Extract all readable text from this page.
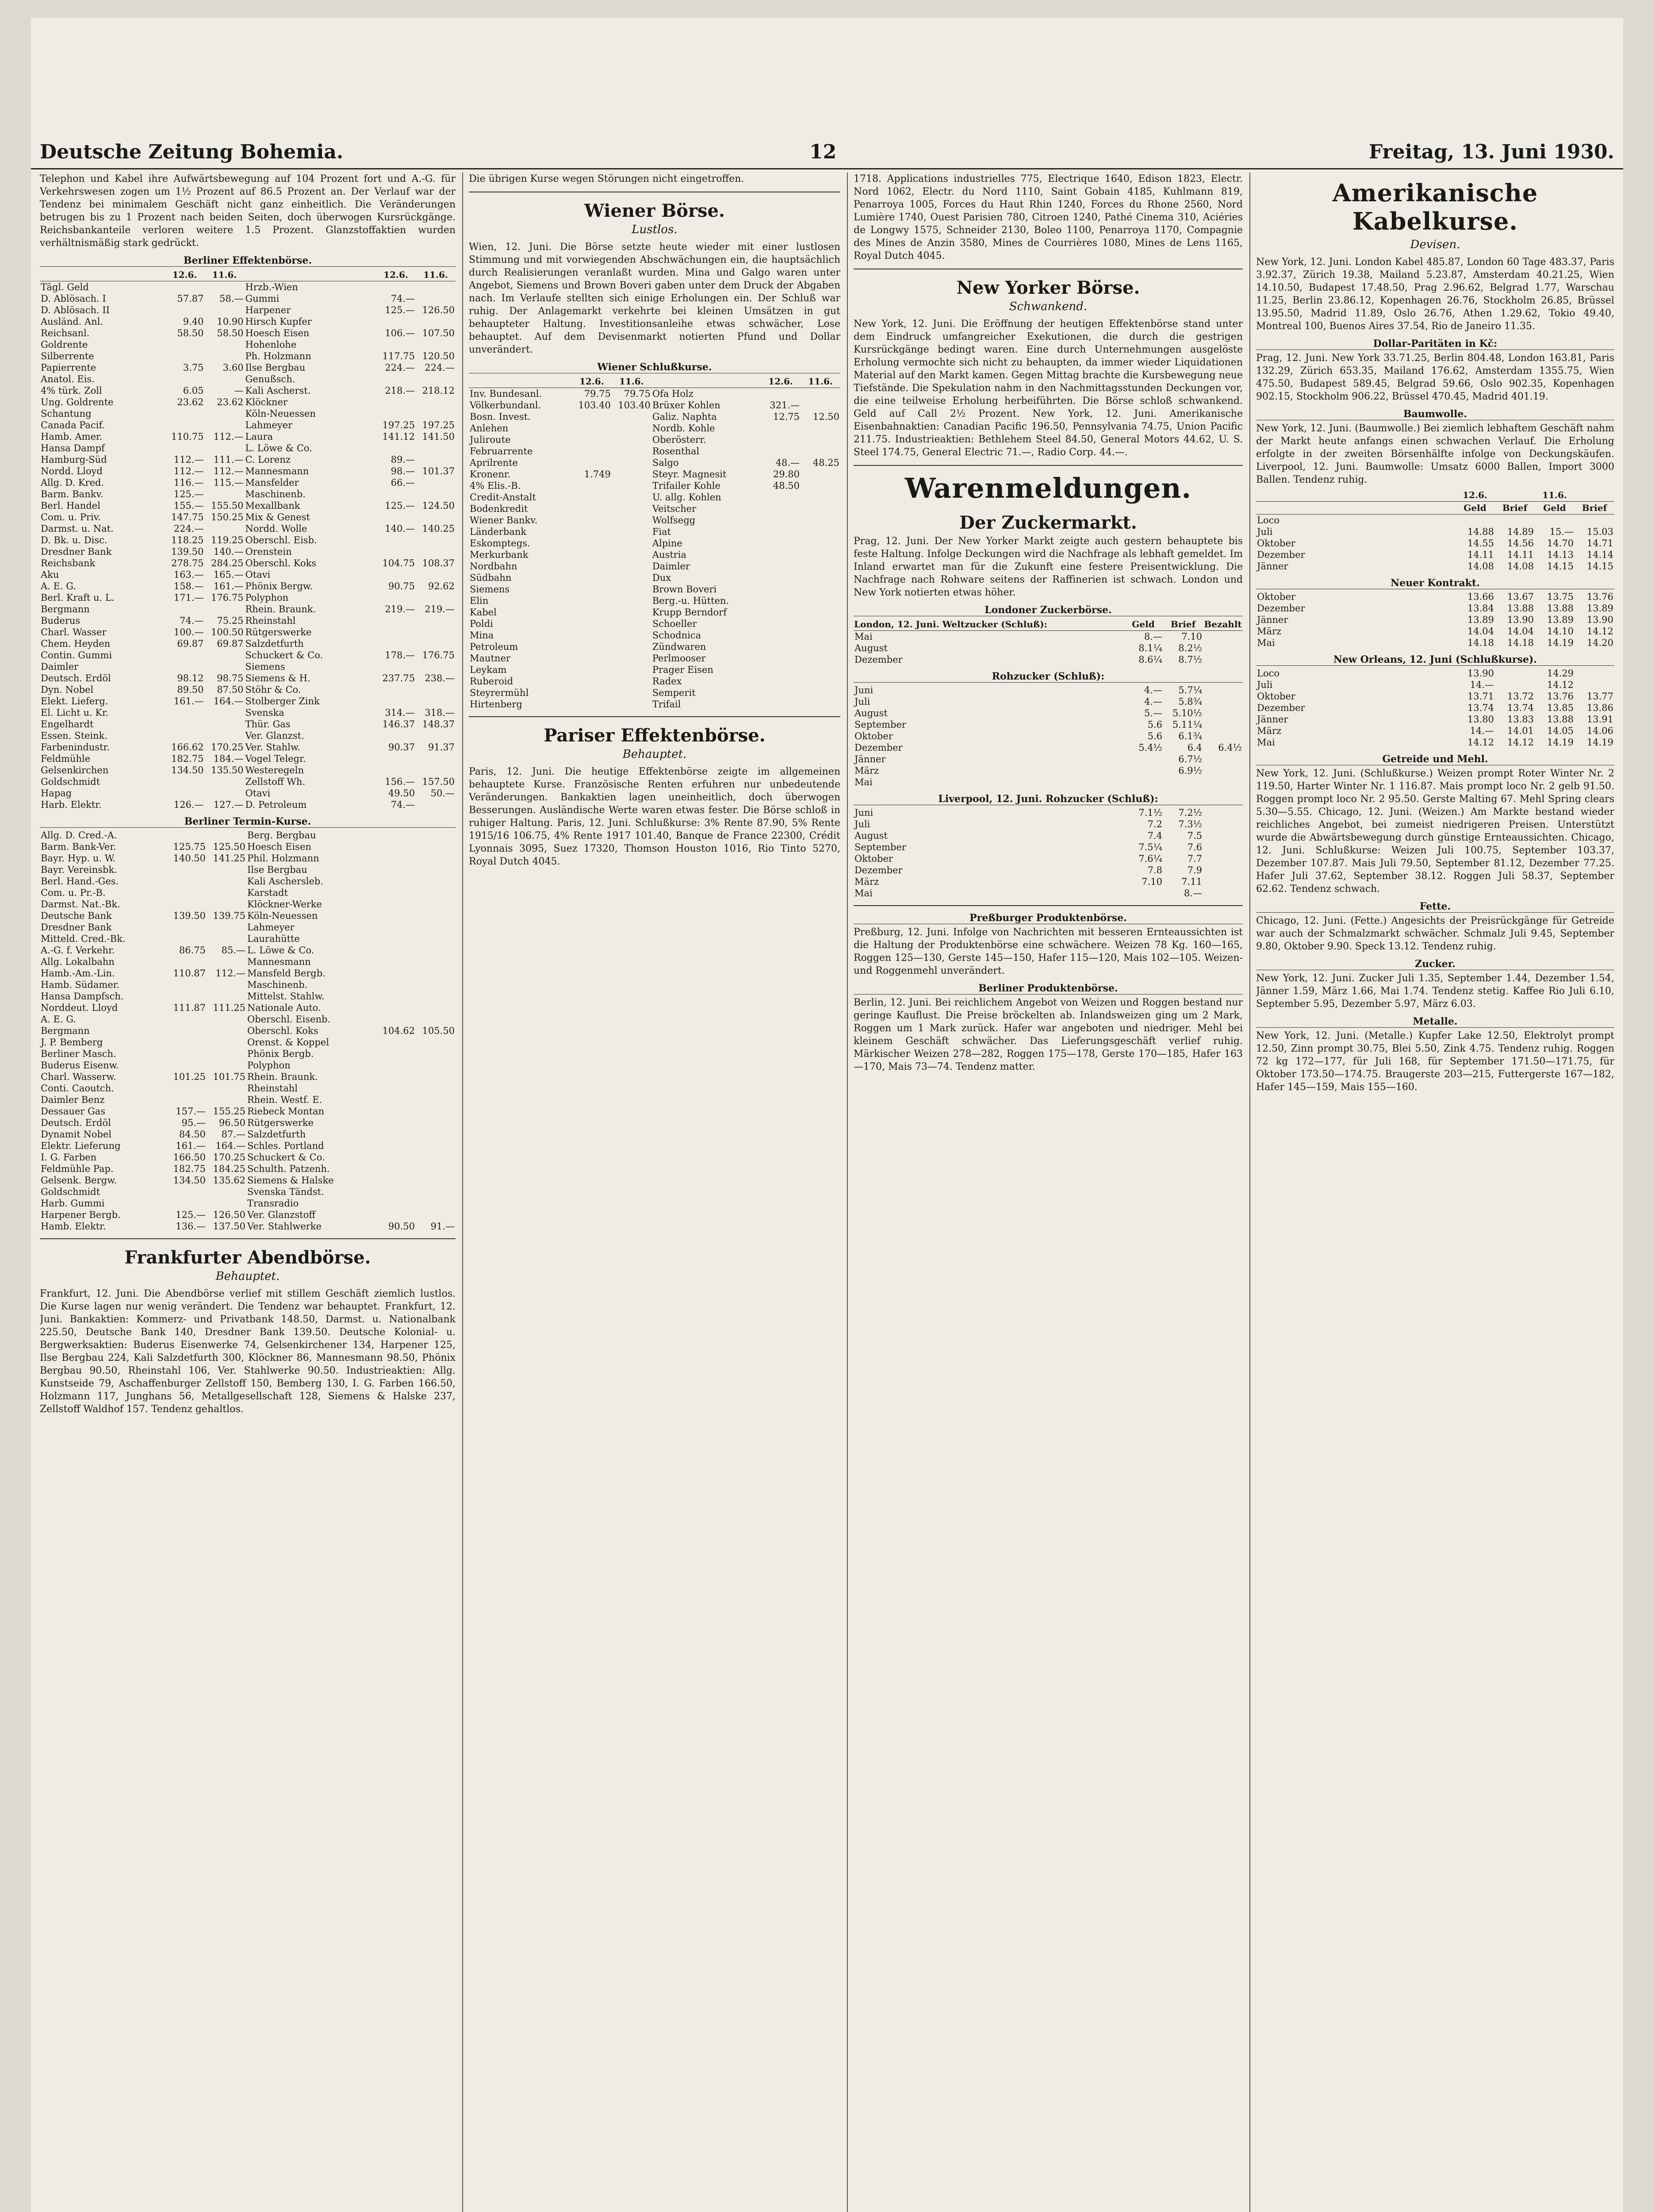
Deutsche Zeitung Bohemia.	12	Freitag, 13. Juni 1930.

Telephon und Kabel ihre Aufwärtsbewegung auf 104 Prozent fort und A.-G. für Verkehrswesen zogen um 1½ Prozent auf 86.5 Prozent an. Der Verlauf war der Tendenz bei minimalem Geschäft nicht ganz einheitlich. Die Veränderungen betrugen bis zu 1 Prozent nach beiden Seiten, doch überwogen Kursrückgänge. Reichsbankanteile verloren weitere 1.5 Prozent. Glanzstoffaktien wurden verhältnismäßig stark gedrückt.

Berliner Effektenbörse.
	12.6.	11.6.		12.6.	11.6.
Tägl. Geld			Hrzb.-Wien		
D. Ablösach. I	57.87	58.—	Gummi	74.—	
D. Ablösach. II			Harpener	125.—	126.50
Ausländ. Anl.	9.40	10.90	Hirsch Kupfer		
Reichsanl.	58.50	58.50	Hoesch Eisen	106.—	107.50
Goldrente			Hohenlohe		
Silberrente			Ph. Holzmann	117.75	120.50
Papierrente	3.75	3.60	Ilse Bergbau	224.—	224.—
Anatol. Eis.			Genußsch.		
4% türk. Zoll	6.05	—	Kali Ascherst.	218.—	218.12
Ung. Goldrente	23.62	23.62	Klöckner		
Schantung			Köln-Neuessen		
Canada Pacif.			Lahmeyer	197.25	197.25
Hamb. Amer.	110.75	112.—	Laura	141.12	141.50
Hansa Dampf			L. Löwe & Co.		
Hamburg-Süd	112.—	111.—	C. Lorenz	89.—	
Nordd. Lloyd	112.—	112.—	Mannesmann	98.—	101.37
Allg. D. Kred.	116.—	115.—	Mansfelder	66.—	
Barm. Bankv.	125.—		Maschinenb.		
Berl. Handel	155.—	155.50	Mexallbank	125.—	124.50
Com. u. Priv.	147.75	150.25	Mix & Genest		
Darmst. u. Nat.	224.—		Nordd. Wolle	140.—	140.25
D. Bk. u. Disc.	118.25	119.25	Oberschl. Eisb.		
Dresdner Bank	139.50	140.—	Orenstein		
Reichsbank	278.75	284.25	Oberschl. Koks	104.75	108.37
Aku	163.—	165.—	Otavi		
A. E. G.	158.—	161.—	Phönix Bergw.	90.75	92.62
Berl. Kraft u. L.	171.—	176.75	Polyphon		
Bergmann			Rhein. Braunk.	219.—	219.—
Buderus	74.—	75.25	Rheinstahl		
Charl. Wasser	100.—	100.50	Rütgerswerke		
Chem. Heyden	69.87	69.87	Salzdetfurth		
Contin. Gummi			Schuckert & Co.	178.—	176.75
Daimler			Siemens		
Deutsch. Erdöl	98.12	98.75	Siemens & H.	237.75	238.—
Dyn. Nobel	89.50	87.50	Stöhr & Co.		
Elekt. Lieferg.	161.—	164.—	Stolberger Zink		
El. Licht u. Kr.			Svenska	314.—	318.—
Engelhardt			Thür. Gas	146.37	148.37
Essen. Steink.			Ver. Glanzst.		
Farbenindustr.	166.62	170.25	Ver. Stahlw.	90.37	91.37
Feldmühle	182.75	184.—	Vogel Telegr.		
Gelsenkirchen	134.50	135.50	Westeregeln		
Goldschmidt			Zellstoff Wh.	156.—	157.50
Hapag			Otavi	49.50	50.—
Harb. Elektr.	126.—	127.—	D. Petroleum	74.—	
Berliner Termin-Kurse.
Allg. D. Cred.-A.			Berg. Bergbau		
Barm. Bank-Ver.	125.75	125.50	Hoesch Eisen		
Bayr. Hyp. u. W.	140.50	141.25	Phil. Holzmann		
Bayr. Vereinsbk.			Ilse Bergbau		
Berl. Hand.-Ges.			Kali Aschersleb.		
Com. u. Pr.-B.			Karstadt		
Darmst. Nat.-Bk.			Klöckner-Werke		
Deutsche Bank	139.50	139.75	Köln-Neuessen		
Dresdner Bank			Lahmeyer		
Mitteld. Cred.-Bk.			Laurahütte		
A.-G. f. Verkehr.	86.75	85.—	L. Löwe & Co.		
Allg. Lokalbahn			Mannesmann		
Hamb.-Am.-Lin.	110.87	112.—	Mansfeld Bergb.		
Hamb. Südamer.			Maschinenb.		
Hansa Dampfsch.			Mittelst. Stahlw.		
Norddeut. Lloyd	111.87	111.25	Nationale Auto.		
A. E. G.			Oberschl. Eisenb.		
Bergmann			Oberschl. Koks	104.62	105.50
J. P. Bemberg			Orenst. & Koppel		
Berliner Masch.			Phönix Bergb.		
Buderus Eisenw.			Polyphon		
Charl. Wasserw.	101.25	101.75	Rhein. Braunk.		
Conti. Caoutch.			Rheinstahl		
Daimler Benz			Rhein. Westf. E.		
Dessauer Gas	157.—	155.25	Riebeck Montan		
Deutsch. Erdöl	95.—	96.50	Rütgerswerke		
Dynamit Nobel	84.50	87.—	Salzdetfurth		
Elektr. Lieferung	161.—	164.—	Schles. Portland		
I. G. Farben	166.50	170.25	Schuckert & Co.		
Feldmühle Pap.	182.75	184.25	Schulth. Patzenh.		
Gelsenk. Bergw.	134.50	135.62	Siemens & Halske		
Goldschmidt			Svenska Tändst.		
Harb. Gummi			Transradio		
Harpener Bergb.	125.—	126.50	Ver. Glanzstoff		
Hamb. Elektr.	136.—	137.50	Ver. Stahlwerke	90.50	91.—
Frankfurter Abendbörse.
Behauptet.

Frankfurt, 12. Juni. Die Abendbörse verlief mit stillem Geschäft ziemlich lustlos. Die Kurse lagen nur wenig verändert. Die Tendenz war behauptet. Frankfurt, 12. Juni. Bankaktien: Kommerz- und Privatbank 148.50, Darmst. u. Nationalbank 225.50, Deutsche Bank 140, Dresdner Bank 139.50. Deutsche Kolonial- u. Bergwerksaktien: Buderus Eisenwerke 74, Gelsenkirchener 134, Harpener 125, Ilse Bergbau 224, Kali Salzdetfurth 300, Klöckner 86, Mannesmann 98.50, Phönix Bergbau 90.50, Rheinstahl 106, Ver. Stahlwerke 90.50. Industrieaktien: Allg. Kunstseide 79, Aschaffenburger Zellstoff 150, Bemberg 130, I. G. Farben 166.50, Holzmann 117, Junghans 56, Metallgesellschaft 128, Siemens & Halske 237, Zellstoff Waldhof 157. Tendenz gehaltlos.

Die übrigen Kurse wegen Störungen nicht eingetroffen.

Wiener Börse.
Lustlos.

Wien, 12. Juni. Die Börse setzte heute wieder mit einer lustlosen Stimmung und mit vorwiegenden Abschwächungen ein, die hauptsächlich durch Realisierungen veranlaßt wurden. Mina und Galgo waren unter Angebot, Siemens und Brown Boveri gaben unter dem Druck der Abgaben nach. Im Verlaufe stellten sich einige Erholungen ein. Der Schluß war ruhig. Der Anlagemarkt verkehrte bei kleinen Umsätzen in gut behaupteter Haltung. Investitionsanleihe etwas schwächer, Lose behauptet. Auf dem Devisenmarkt notierten Pfund und Dollar unverändert.

Wiener Schlußkurse.
	12.6.	11.6.		12.6.	11.6.
Inv. Bundesanl.	79.75	79.75	Ofa Holz		
Völkerbundanl.	103.40	103.40	Brüxer Kohlen	321.—	
Bosn. Invest.			Galiz. Naphta	12.75	12.50
Anlehen			Nordb. Kohle		
Juliroute			Oberösterr.		
Februarrente			Rosenthal		
Aprilrente			Salgo	48.—	48.25
Kronenr.	1.749		Steyr. Magnesit	29.80	
4% Elis.-B.			Trifailer Kohle	48.50	
Credit-Anstalt			U. allg. Kohlen		
Bodenkredit			Veitscher		
Wiener Bankv.			Wolfsegg		
Länderbank			Fiat		
Eskomptegs.			Alpine		
Merkurbank			Austria		
Nordbahn			Daimler		
Südbahn			Dux		
Siemens			Brown Boveri		
Elin			Berg.-u. Hütten.		
Kabel			Krupp Berndorf		
Poldi			Schoeller		
Mina			Schodnica		
Petroleum			Zündwaren		
Mautner			Perlmooser		
Leykam			Prager Eisen		
Ruberoid			Radex		
Steyrermühl			Semperit		
Hirtenberg			Trifail		
Pariser Effektenbörse.
Behauptet.

Paris, 12. Juni. Die heutige Effektenbörse zeigte im allgemeinen behauptete Kurse. Französische Renten erfuhren nur unbedeutende Veränderungen. Bankaktien lagen uneinheitlich, doch überwogen Besserungen. Ausländische Werte waren etwas fester. Die Börse schloß in ruhiger Haltung. Paris, 12. Juni. Schlußkurse: 3% Rente 87.90, 5% Rente 1915/16 106.75, 4% Rente 1917 101.40, Banque de France 22300, Crédit Lyonnais 3095, Suez 17320, Thomson Houston 1016, Rio Tinto 5270, Royal Dutch 4045.

1718. Applications industrielles 775, Electrique 1640, Edison 1823, Electr. Nord 1062, Electr. du Nord 1110, Saint Gobain 4185, Kuhlmann 819, Penarroya 1005, Forces du Haut Rhin 1240, Forces du Rhone 2560, Nord Lumière 1740, Ouest Parisien 780, Citroen 1240, Pathé Cinema 310, Aciéries de Longwy 1575, Schneider 2130, Boleo 1100, Penarroya 1170, Compagnie des Mines de Anzin 3580, Mines de Courrières 1080, Mines de Lens 1165, Royal Dutch 4045.

New Yorker Börse.
Schwankend.

New York, 12. Juni. Die Eröffnung der heutigen Effektenbörse stand unter dem Eindruck umfangreicher Exekutionen, die durch die gestrigen Kursrückgänge bedingt waren. Eine durch Unternehmungen ausgelöste Erholung vermochte sich nicht zu behaupten, da immer wieder Liquidationen Material auf den Markt kamen. Gegen Mittag brachte die Kursbewegung neue Tiefstände. Die Spekulation nahm in den Nachmittagsstunden Deckungen vor, die eine teilweise Erholung herbeiführten. Die Börse schloß schwankend. Geld auf Call 2½ Prozent. New York, 12. Juni. Amerikanische Eisenbahnaktien: Canadian Pacific 196.50, Pennsylvania 74.75, Union Pacific 211.75. Industrieaktien: Bethlehem Steel 84.50, General Motors 44.62, U. S. Steel 174.75, General Electric 71.—, Radio Corp. 44.—.

Warenmeldungen.
Der Zuckermarkt.

Prag, 12. Juni. Der New Yorker Markt zeigte auch gestern behauptete bis feste Haltung. Infolge Deckungen wird die Nachfrage als lebhaft gemeldet. Im Inland erwartet man für die Zukunft eine festere Preisentwicklung. Die Nachfrage nach Rohware seitens der Raffinerien ist schwach. London und New York notierten etwas höher.

Londoner Zuckerbörse.
London, 12. Juni. Weltzucker (Schluß):	Geld	Brief	Bezahlt
Mai	8.—	7.10	
August	8.1¼	8.2½	
Dezember	8.6¼	8.7½	
Rohzucker (Schluß):
Juni	4.—	5.7¼	
Juli	4.—	5.8¾	
August	5.—	5.10½	
September	5.6	5.11¼	
Oktober	5.6	6.1¾	
Dezember	5.4½	6.4	6.4½
Jänner		6.7½	
März		6.9½	
Mai			
Liverpool, 12. Juni. Rohzucker (Schluß):
Juni	7.1½	7.2½	
Juli	7.2	7.3½	
August	7.4	7.5	
September	7.5¼	7.6	
Oktober	7.6¼	7.7	
Dezember	7.8	7.9	
März	7.10	7.11	
Mai		8.—	
Preßburger Produktenbörse.

Preßburg, 12. Juni. Infolge von Nachrichten mit besseren Ernteaussichten ist die Haltung der Produktenbörse eine schwächere. Weizen 78 Kg. 160—165, Roggen 125—130, Gerste 145—150, Hafer 115—120, Mais 102—105. Weizen- und Roggenmehl unverändert.

Berliner Produktenbörse.

Berlin, 12. Juni. Bei reichlichem Angebot von Weizen und Roggen bestand nur geringe Kauflust. Die Preise bröckelten ab. Inlandsweizen ging um 2 Mark, Roggen um 1 Mark zurück. Hafer war angeboten und niedriger. Mehl bei kleinem Geschäft schwächer. Das Lieferungsgeschäft verlief ruhig. Märkischer Weizen 278—282, Roggen 175—178, Gerste 170—185, Hafer 163—170, Mais 73—74. Tendenz matter.

Amerikanische Kabelkurse.
Devisen.

New York, 12. Juni. London Kabel 485.87, London 60 Tage 483.37, Paris 3.92.37, Zürich 19.38, Mailand 5.23.87, Amsterdam 40.21.25, Wien 14.10.50, Budapest 17.48.50, Prag 2.96.62, Belgrad 1.77, Warschau 11.25, Berlin 23.86.12, Kopenhagen 26.76, Stockholm 26.85, Brüssel 13.95.50, Madrid 11.89, Oslo 26.76, Athen 1.29.62, Tokio 49.40, Montreal 100, Buenos Aires 37.54, Rio de Janeiro 11.35.

Dollar-Paritäten in Kč:

Prag, 12. Juni. New York 33.71.25, Berlin 804.48, London 163.81, Paris 132.29, Zürich 653.35, Mailand 176.62, Amsterdam 1355.75, Wien 475.50, Budapest 589.45, Belgrad 59.66, Oslo 902.35, Kopenhagen 902.15, Stockholm 906.22, Brüssel 470.45, Madrid 401.19.

Baumwolle.

New York, 12. Juni. (Baumwolle.) Bei ziemlich lebhaftem Geschäft nahm der Markt heute anfangs einen schwachen Verlauf. Die Erholung erfolgte in der zweiten Börsenhälfte infolge von Deckungskäufen. Liverpool, 12. Juni. Baumwolle: Umsatz 6000 Ballen, Import 3000 Ballen. Tendenz ruhig.

	12.6.		11.6.	
	Geld	Brief	Geld	Brief
Loco				
Juli	14.88	14.89	15.—	15.03
Oktober	14.55	14.56	14.70	14.71
Dezember	14.11	14.11	14.13	14.14
Jänner	14.08	14.08	14.15	14.15
Neuer Kontrakt.
Oktober	13.66	13.67	13.75	13.76
Dezember	13.84	13.88	13.88	13.89
Jänner	13.89	13.90	13.89	13.90
März	14.04	14.04	14.10	14.12
Mai	14.18	14.18	14.19	14.20
New Orleans, 12. Juni (Schlußkurse).
Loco	13.90		14.29	
Juli	14.—		14.12	
Oktober	13.71	13.72	13.76	13.77
Dezember	13.74	13.74	13.85	13.86
Jänner	13.80	13.83	13.88	13.91
März	14.—	14.01	14.05	14.06
Mai	14.12	14.12	14.19	14.19
Getreide und Mehl.

New York, 12. Juni. (Schlußkurse.) Weizen prompt Roter Winter Nr. 2 119.50, Harter Winter Nr. 1 116.87. Mais prompt loco Nr. 2 gelb 91.50. Roggen prompt loco Nr. 2 95.50. Gerste Malting 67. Mehl Spring clears 5.30—5.55. Chicago, 12. Juni. (Weizen.) Am Markte bestand wieder reichliches Angebot, bei zumeist niedrigeren Preisen. Unterstützt wurde die Abwärtsbewegung durch günstige Ernteaussichten. Chicago, 12. Juni. Schlußkurse: Weizen Juli 100.75, September 103.37, Dezember 107.87. Mais Juli 79.50, September 81.12, Dezember 77.25. Hafer Juli 37.62, September 38.12. Roggen Juli 58.37, September 62.62. Tendenz schwach.

Fette.

Chicago, 12. Juni. (Fette.) Angesichts der Preisrückgänge für Getreide war auch der Schmalzmarkt schwächer. Schmalz Juli 9.45, September 9.80, Oktober 9.90. Speck 13.12. Tendenz ruhig.

Zucker.

New York, 12. Juni. Zucker Juli 1.35, September 1.44, Dezember 1.54, Jänner 1.59, März 1.66, Mai 1.74. Tendenz stetig. Kaffee Rio Juli 6.10, September 5.95, Dezember 5.97, März 6.03.

Metalle.

New York, 12. Juni. (Metalle.) Kupfer Lake 12.50, Elektrolyt prompt 12.50, Zinn prompt 30.75, Blei 5.50, Zink 4.75. Tendenz ruhig. Roggen 72 kg 172—177, für Juli 168, für September 171.50—171.75, für Oktober 173.50—174.75. Braugerste 203—215, Futtergerste 167—182, Hafer 145—159, Mais 155—160.
